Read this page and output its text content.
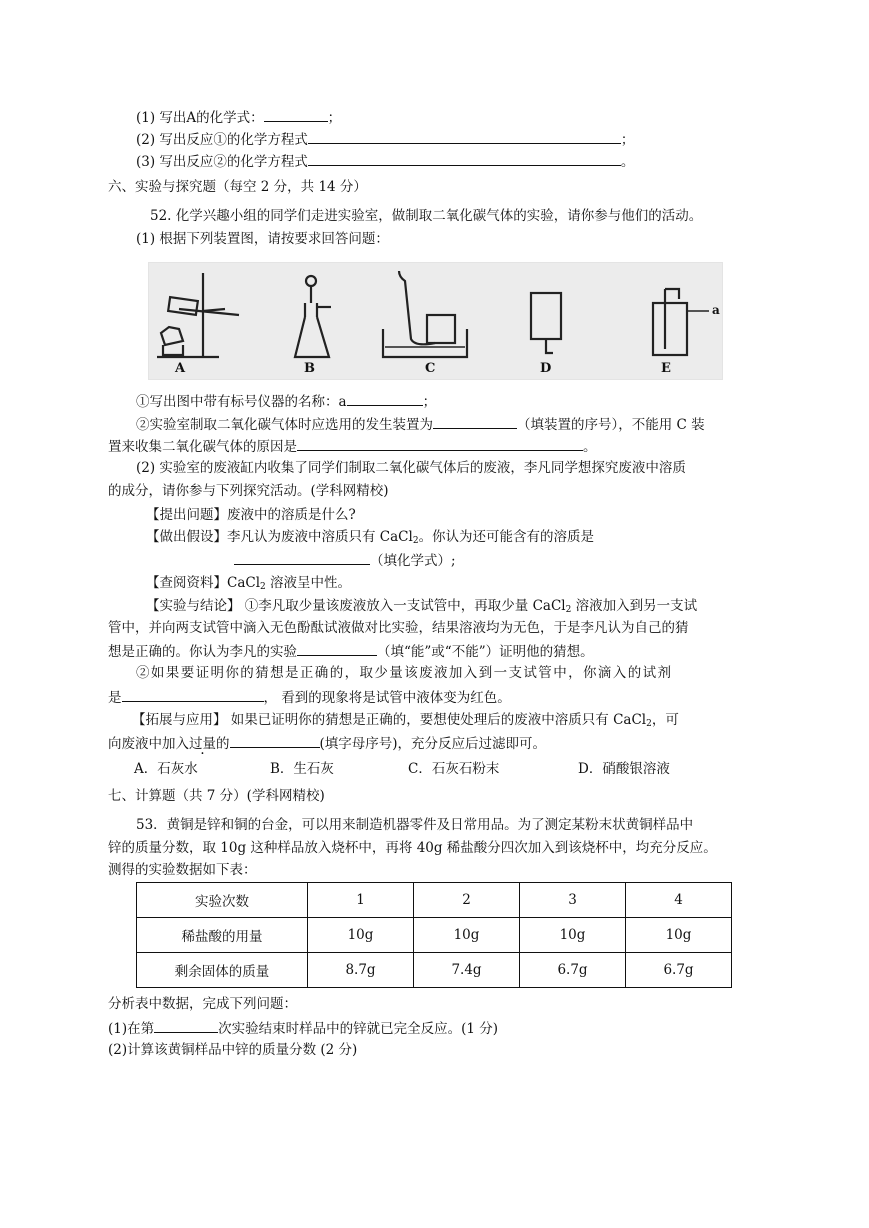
(1) 写出A的化学式：	；
(2) 写出反应①的化学方程式	；
(3) 写出反应②的化学方程式	。
六、实验与探究题（每空 2 分，共 14 分）
52. 化学兴趣小组的同学们走进实验室，做制取二氧化碳气体的实验，请你参与他们的活动。
(1) 根据下列装置图，请按要求回答问题：
A	B	C	D	E
a
①写出图中带有标号仪器的名称：a	；
②实验室制取二氧化碳气体时应选用的发生装置为	（填装置的序号），不能用 C 装
置来收集二氧化碳气体的原因是	。
(2) 实验室的废液缸内收集了同学们制取二氧化碳气体后的废液，李凡同学想探究废液中溶质
的成分，请你参与下列探究活动。(学科网精校)
【提出问题】废液中的溶质是什么?
【做出假设】李凡认为废液中溶质只有 CaCl$_2$。你认为还可能含有的溶质是
（填化学式）;
【查阅资料】CaCl$_2$ 溶液呈中性。
【实验与结论】 ①李凡取少量该废液放入一支试管中，再取少量 CaCl$_2$ 溶液加入到另一支试
管中，并向两支试管中滴入无色酚酞试液做对比实验，结果溶液均为无色，于是李凡认为自己的猜
想是正确的。你认为李凡的实验	（填“能”或“不能”）证明他的猜想。
②如果要证明你的猜想是正确的，取少量该废液加入到一支试管中，你滴入的试剂
是	， 看到的现象将是试管中液体变为红色。
【拓展与应用】 如果已证明你的猜想是正确的，要想使处理后的废液中溶质只有 CaCl$_2$，可
向废液中加入过量的	(填字母序号)，充分反应后过滤即可。
A．石灰水	B．生石灰	C．石灰石粉末	D．硝酸银溶液
七、计算题（共 7 分）(学科网精校)
53．黄铜是锌和铜的台金，可以用来制造机器零件及日常用品。为了测定某粉末状黄铜样品中
锌的质量分数，取 10g 这种样品放入烧杯中，再将 40g 稀盐酸分四次加入到该烧杯中，均充分反应。
测得的实验数据如下表：
实验次数	1	2	3	4
稀盐酸的用量	10g	10g	10g	10g
剩余固体的质量	8.7g	7.4g	6.7g	6.7g
分析表中数据，完成下列问题：
(1)在第	次实验结束时样品中的锌就已完全反应。(1 分)
(2)计算该黄铜样品中锌的质量分数 (2 分)
